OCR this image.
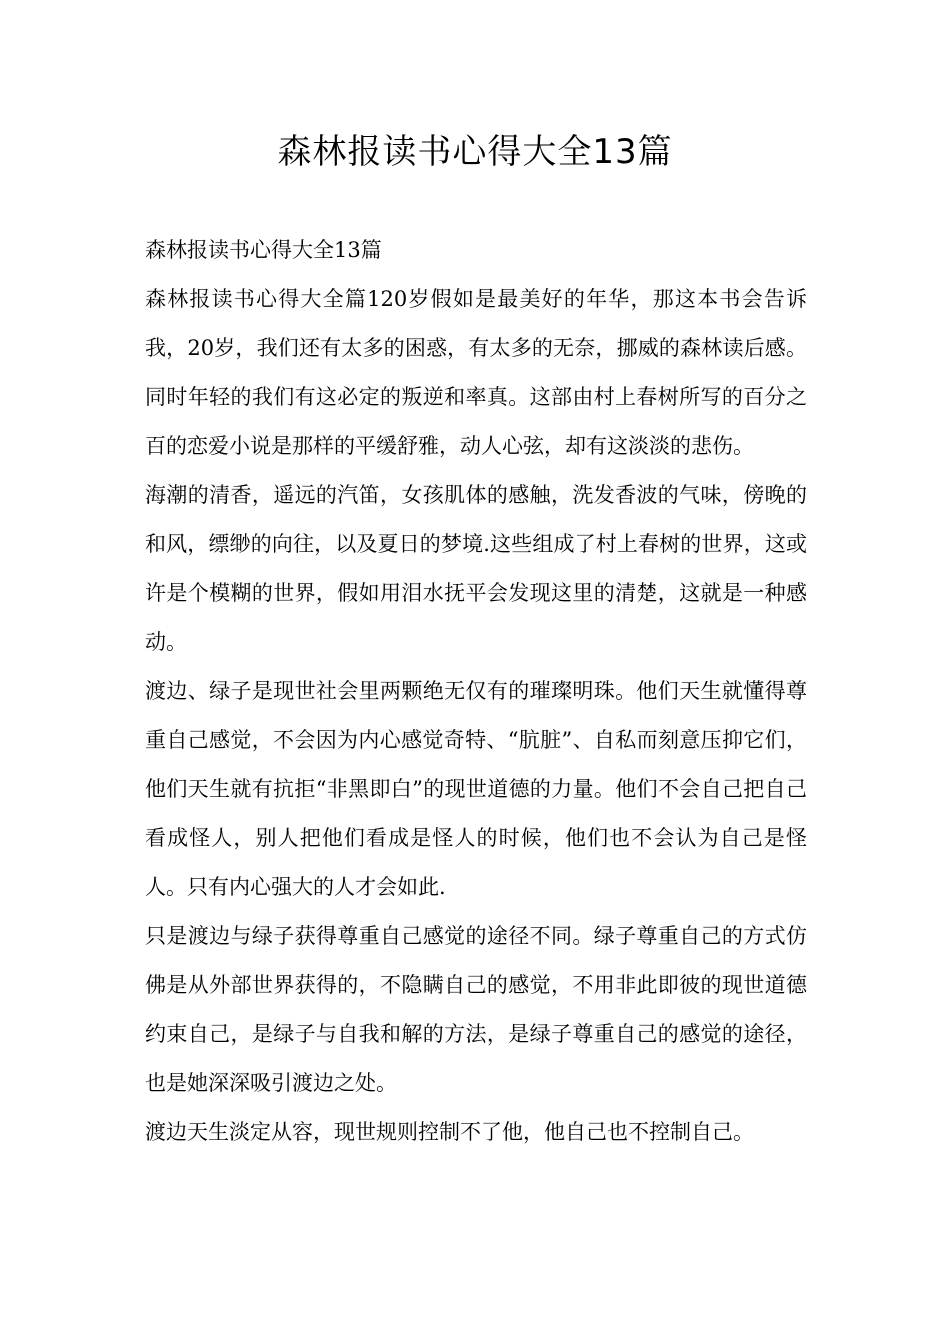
森林报读书心得大全13篇

森林报读书心得大全13篇

森林报读书心得大全篇120岁假如是最美好的年华，那这本书会告诉我，20岁，我们还有太多的困惑，有太多的无奈，挪威的森林读后感。同时年轻的我们有这必定的叛逆和率真。这部由村上春树所写的百分之百的恋爱小说是那样的平缓舒雅，动人心弦，却有这淡淡的悲伤。

海潮的清香，遥远的汽笛，女孩肌体的感触，洗发香波的气味，傍晚的和风，缥缈的向往，以及夏日的梦境.这些组成了村上春树的世界，这或许是个模糊的世界，假如用泪水抚平会发现这里的清楚，这就是一种感动。

渡边、绿子是现世社会里两颗绝无仅有的璀璨明珠。他们天生就懂得尊重自己感觉，不会因为内心感觉奇特、“肮脏”、自私而刻意压抑它们，他们天生就有抗拒“非黑即白”的现世道德的力量。他们不会自己把自己看成怪人，别人把他们看成是怪人的时候，他们也不会认为自己是怪人。只有内心强大的人才会如此.

只是渡边与绿子获得尊重自己感觉的途径不同。绿子尊重自己的方式仿佛是从外部世界获得的，不隐瞒自己的感觉，不用非此即彼的现世道德约束自己，是绿子与自我和解的方法，是绿子尊重自己的感觉的途径，也是她深深吸引渡边之处。

渡边天生淡定从容，现世规则控制不了他，他自己也不控制自己。
